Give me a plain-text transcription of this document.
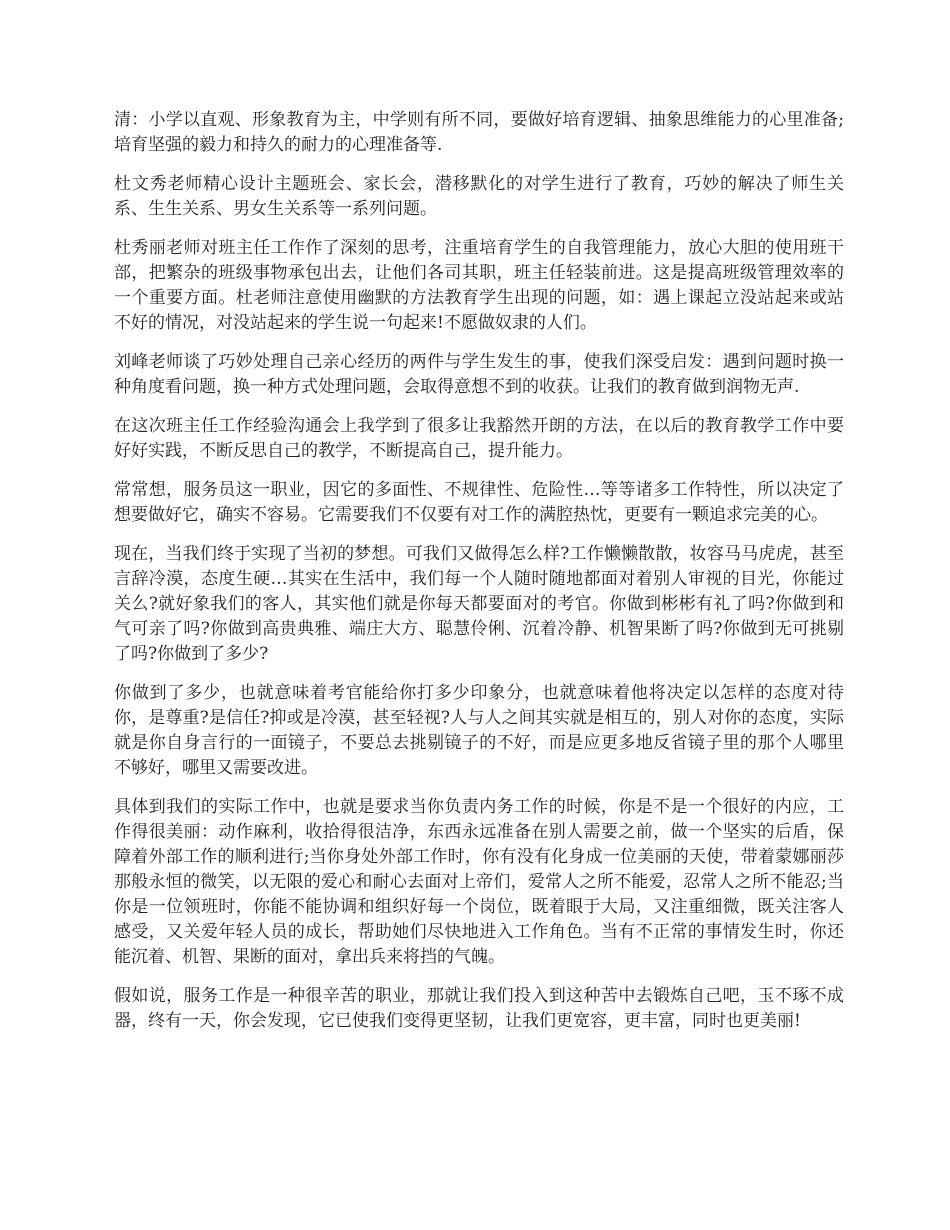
清：小学以直观、形象教育为主，中学则有所不同，要做好培育逻辑、抽象思维能力的心里准备;培育坚强的毅力和持久的耐力的心理准备等.

杜文秀老师精心设计主题班会、家长会，潜移默化的对学生进行了教育，巧妙的解决了师生关系、生生关系、男女生关系等一系列问题。

杜秀丽老师对班主任工作作了深刻的思考，注重培育学生的自我管理能力，放心大胆的使用班干部，把繁杂的班级事物承包出去，让他们各司其职，班主任轻装前进。这是提高班级管理效率的一个重要方面。杜老师注意使用幽默的方法教育学生出现的问题，如：遇上课起立没站起来或站不好的情况，对没站起来的学生说一句起来!不愿做奴隶的人们。

刘峰老师谈了巧妙处理自己亲心经历的两件与学生发生的事，使我们深受启发：遇到问题时换一种角度看问题，换一种方式处理问题，会取得意想不到的收获。让我们的教育做到润物无声.

在这次班主任工作经验沟通会上我学到了很多让我豁然开朗的方法，在以后的教育教学工作中要好好实践，不断反思自己的教学，不断提高自己，提升能力。

常常想，服务员这一职业，因它的多面性、不规律性、危险性…等等诸多工作特性，所以决定了想要做好它，确实不容易。它需要我们不仅要有对工作的满腔热忱，更要有一颗追求完美的心。

现在，当我们终于实现了当初的梦想。可我们又做得怎么样?工作懒懒散散，妆容马马虎虎，甚至言辞冷漠，态度生硬…其实在生活中，我们每一个人随时随地都面对着别人审视的目光，你能过关么?就好象我们的客人，其实他们就是你每天都要面对的考官。你做到彬彬有礼了吗?你做到和气可亲了吗?你做到高贵典雅、端庄大方、聪慧伶俐、沉着冷静、机智果断了吗?你做到无可挑剔了吗?你做到了多少?

你做到了多少，也就意味着考官能给你打多少印象分，也就意味着他将决定以怎样的态度对待你，是尊重?是信任?抑或是冷漠，甚至轻视?人与人之间其实就是相互的，别人对你的态度，实际就是你自身言行的一面镜子，不要总去挑剔镜子的不好，而是应更多地反省镜子里的那个人哪里不够好，哪里又需要改进。

具体到我们的实际工作中，也就是要求当你负责内务工作的时候，你是不是一个很好的内应，工作得很美丽：动作麻利，收拾得很洁净，东西永远准备在别人需要之前，做一个坚实的后盾，保障着外部工作的顺利进行;当你身处外部工作时，你有没有化身成一位美丽的天使，带着蒙娜丽莎那般永恒的微笑，以无限的爱心和耐心去面对上帝们，爱常人之所不能爱，忍常人之所不能忍;当你是一位领班时，你能不能协调和组织好每一个岗位，既着眼于大局，又注重细微，既关注客人感受，又关爱年轻人员的成长，帮助她们尽快地进入工作角色。当有不正常的事情发生时，你还能沉着、机智、果断的面对，拿出兵来将挡的气魄。

假如说，服务工作是一种很辛苦的职业，那就让我们投入到这种苦中去锻炼自己吧，玉不琢不成器，终有一天，你会发现，它已使我们变得更坚韧，让我们更宽容，更丰富，同时也更美丽!
